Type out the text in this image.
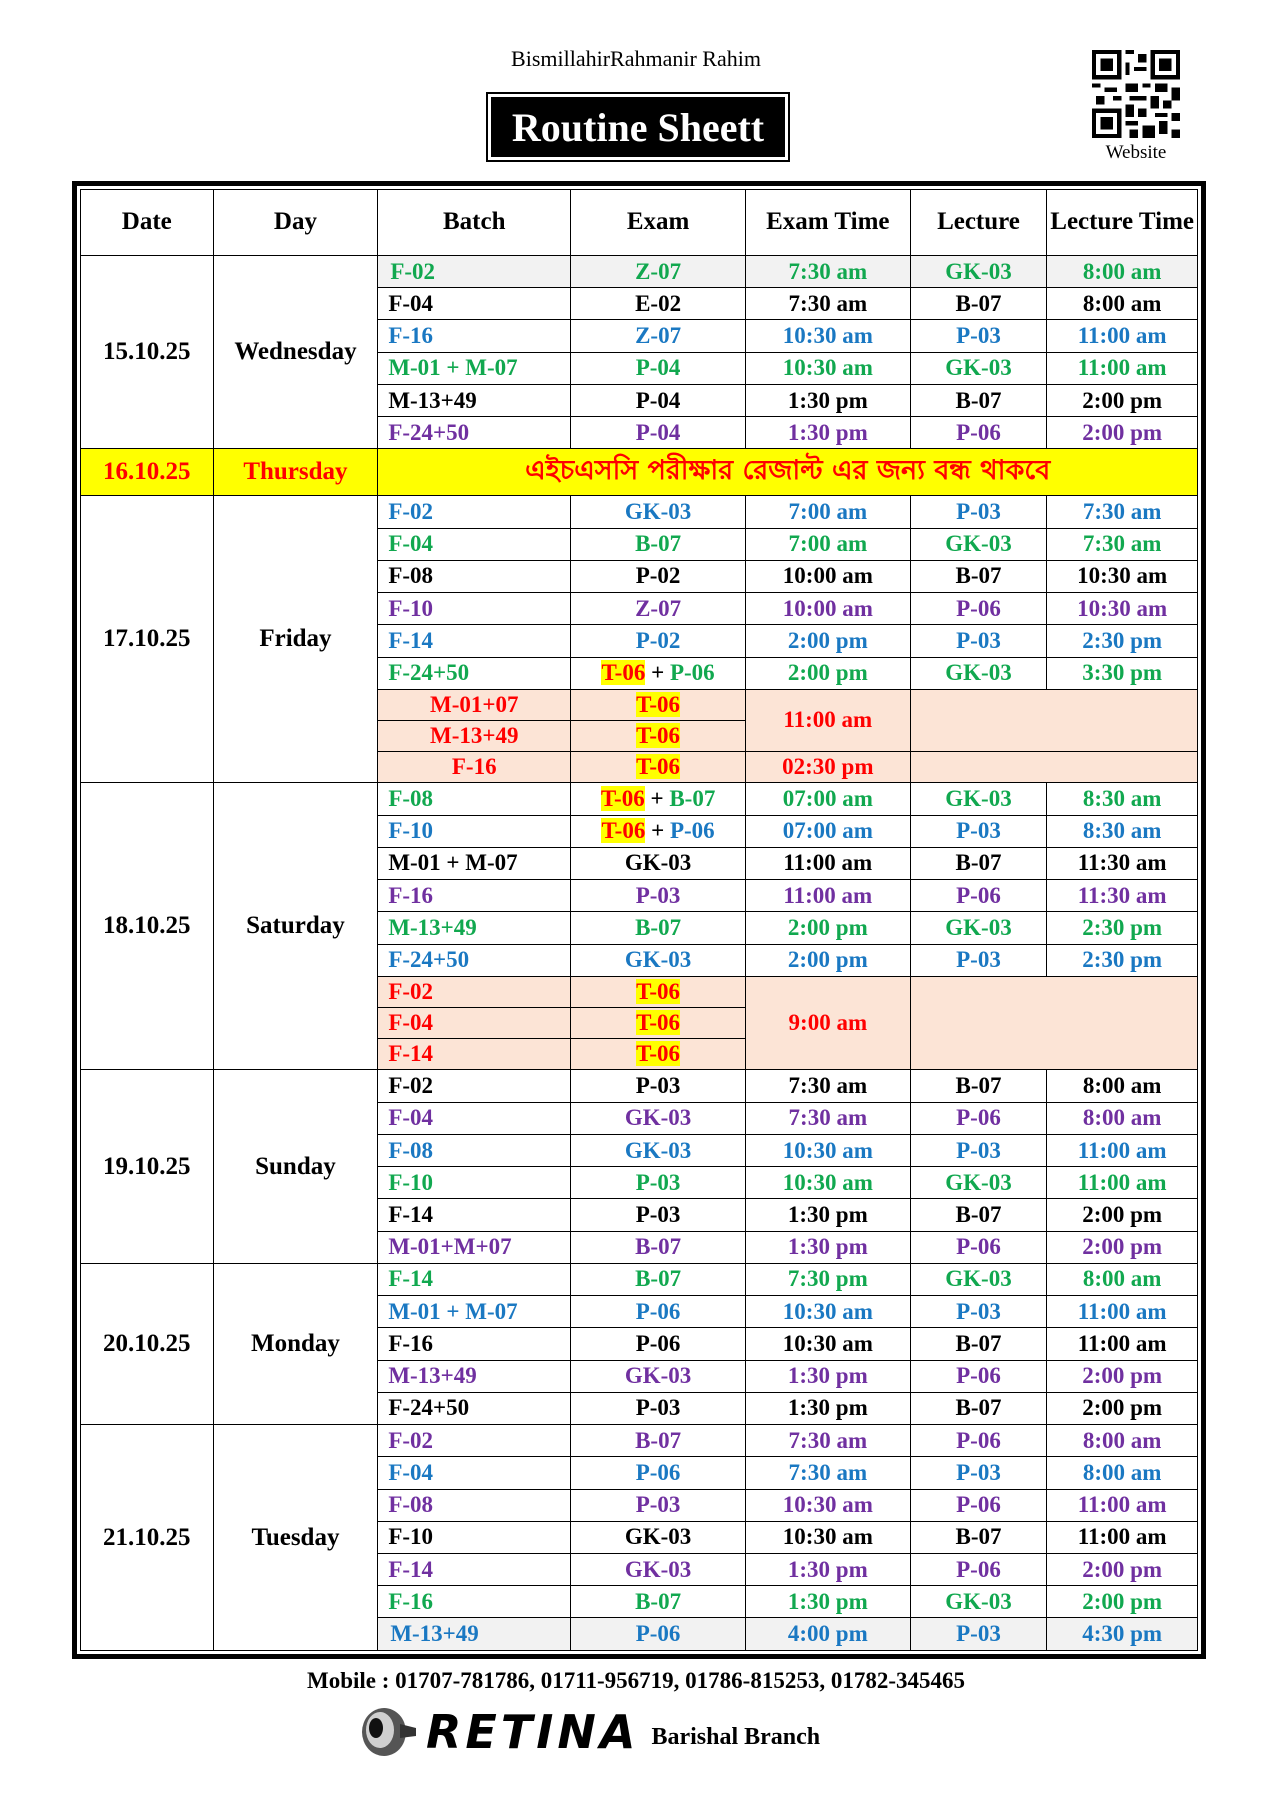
BismillahirRahmanir Rahim
Routine Sheett
Website
Date	Day	Batch	Exam	Exam Time	Lecture	Lecture Time
15.10.25	Wednesday	F-02	Z-07	7:30 am	GK-03	8:00 am
		F-04	E-02	7:30 am	B-07	8:00 am
		F-16	Z-07	10:30 am	P-03	11:00 am
		M-01 + M-07	P-04	10:30 am	GK-03	11:00 am
		M-13+49	P-04	1:30 pm	B-07	2:00 pm
		F-24+50	P-04	1:30 pm	P-06	2:00 pm
16.10.25	Thursday	এইচএসসি পরীক্ষার রেজাল্ট এর জন্য বন্ধ থাকবে				
17.10.25	Friday	F-02	GK-03	7:00 am	P-03	7:30 am
		F-04	B-07	7:00 am	GK-03	7:30 am
		F-08	P-02	10:00 am	B-07	10:30 am
		F-10	Z-07	10:00 am	P-06	10:30 am
		F-14	P-02	2:00 pm	P-03	2:30 pm
		F-24+50	T-06 + P-06	2:00 pm	GK-03	3:30 pm
		M-01+07	T-06	11:00 am		
		M-13+49	T-06			
		F-16	T-06	02:30 pm		
18.10.25	Saturday	F-08	T-06 + B-07	07:00 am	GK-03	8:30 am
		F-10	T-06 + P-06	07:00 am	P-03	8:30 am
		M-01 + M-07	GK-03	11:00 am	B-07	11:30 am
		F-16	P-03	11:00 am	P-06	11:30 am
		M-13+49	B-07	2:00 pm	GK-03	2:30 pm
		F-24+50	GK-03	2:00 pm	P-03	2:30 pm
		F-02	T-06	9:00 am		
		F-04	T-06			
		F-14	T-06			
19.10.25	Sunday	F-02	P-03	7:30 am	B-07	8:00 am
		F-04	GK-03	7:30 am	P-06	8:00 am
		F-08	GK-03	10:30 am	P-03	11:00 am
		F-10	P-03	10:30 am	GK-03	11:00 am
		F-14	P-03	1:30 pm	B-07	2:00 pm
		M-01+M+07	B-07	1:30 pm	P-06	2:00 pm
20.10.25	Monday	F-14	B-07	7:30 pm	GK-03	8:00 am
		M-01 + M-07	P-06	10:30 am	P-03	11:00 am
		F-16	P-06	10:30 am	B-07	11:00 am
		M-13+49	GK-03	1:30 pm	P-06	2:00 pm
		F-24+50	P-03	1:30 pm	B-07	2:00 pm
21.10.25	Tuesday	F-02	B-07	7:30 am	P-06	8:00 am
		F-04	P-06	7:30 am	P-03	8:00 am
		F-08	P-03	10:30 am	P-06	11:00 am
		F-10	GK-03	10:30 am	B-07	11:00 am
		F-14	GK-03	1:30 pm	P-06	2:00 pm
		F-16	B-07	1:30 pm	GK-03	2:00 pm
		M-13+49	P-06	4:00 pm	P-03	4:30 pm
Mobile : 01707-781786, 01711-956719, 01786-815253, 01782-345465
RETINA Barishal Branch
